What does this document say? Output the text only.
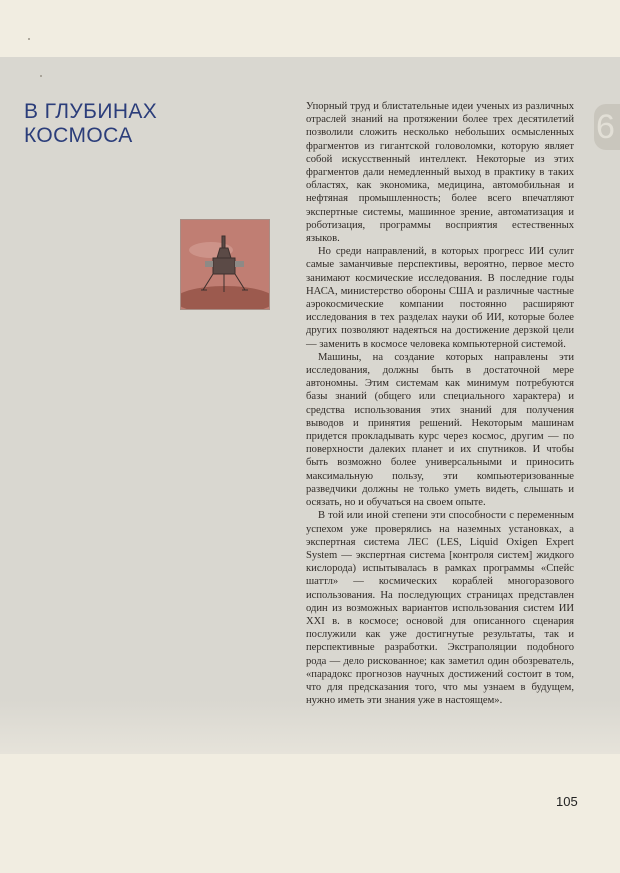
6
В ГЛУБИНАХ
КОСМОСА

Упорный труд и блистательные идеи ученых из различных отраслей знаний на протяжении более трех десятилетий позволили сложить несколько небольших осмысленных фрагментов из гигантской головоломки, которую являет собой искусственный интеллект. Некоторые из этих фрагментов дали немедленный выход в практику в таких областях, как экономика, медицина, автомобильная и нефтяная промышленность; более всего впечатляют экспертные системы, машинное зрение, автоматизация и роботизация, программы восприятия естественных языков.

Но среди направлений, в которых прогресс ИИ сулит самые заманчивые перспективы, вероятно, первое место занимают космические исследования. В последние годы НАСА, министерство обороны США и различные частные аэрокосмические компании постоянно расширяют исследования в тех разделах науки об ИИ, которые более других позволяют надеяться на достижение дерзкой цели — заменить в космосе человека компьютерной системой.

Машины, на создание которых направлены эти исследования, должны быть в достаточной мере автономны. Этим системам как минимум потребуются базы знаний (общего или специального характера) и средства использования этих знаний для получения выводов и принятия решений. Некоторым машинам придется прокладывать курс через космос, другим — по поверхности далеких планет и их спутников. И чтобы быть возможно более универсальными и приносить максимальную пользу, эти компьютеризованные разведчики должны не только уметь видеть, слышать и осязать, но и обучаться на своем опыте.

В той или иной степени эти способности с переменным успехом уже проверялись на наземных установках, а экспертная система ЛЕС (LES, Liquid Oxigen Expert System — экспертная система [контроля систем] жидкого кислорода) испытывалась в рамках программы «Спейс шаттл» — космических кораблей многоразового использования. На последующих страницах представлен один из возможных вариантов использования систем ИИ XXI в. в космосе; основой для описанного сценария послужили как уже достигнутые результаты, так и перспективные разработки. Экстраполяции подобного рода — дело рискованное; как заметил один обозреватель, «парадокс прогнозов научных достижений состоит в том, что для предсказания того, что мы узнаем в будущем, нужно иметь эти знания уже в настоящем».

105
